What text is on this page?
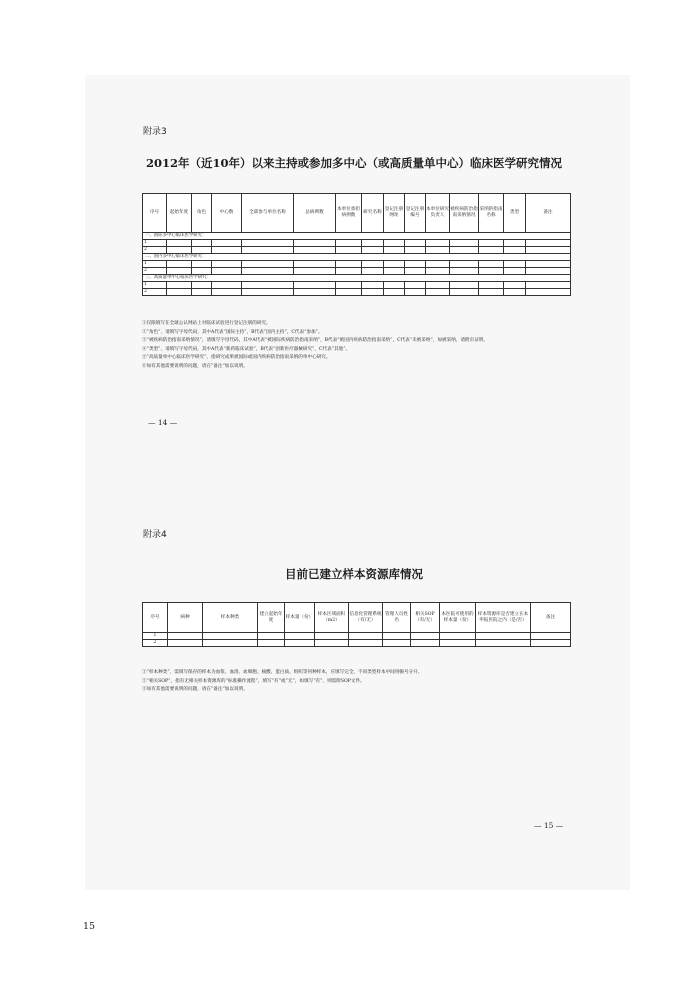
附录3
2012年（近10年）以来主持或参加多中心（或高质量单中心）临床医学研究情况
序号	起始年度	角色	中心数	全部参与单位名称	总病例数	本单位承担病例数	研究名称	登记注册网址	登记注册编号	本单位研究负责人	被疾病防治指南采纳情况	采纳的指南名称	类型	备注
一、国际多中心临床医学研究：														
1														
2														
二、国内多中心临床医学研究：														
1														
2														
三、高质量单中心临床医学研究：														
1														
2														
①仅限填写在全球公认网站上对临床试验进行登记注册的研究。
②“角色”，请填写字母代码，其中A代表“国际主持”，B代表“国内主持”，C代表“参加”。
③“被疾病防治指南采纳情况”，请填写字母代码，其中A代表“被国际疾病防治指南采纳”，B代表“被国内疾病防治指南采纳”，C代表“未被采纳”，如被采纳，请附页证明。
④“类型”，请填写字母代码，其中A代表“新药临床试验”，B代表“创新医疗器械研究”，C代表“其他”。
⑤“高质量单中心临床医学研究”，指研究成果被国际或国内疾病防治指南采纳的单中心研究。
⑥如有其他需要说明的问题，请在“备注”加以说明。
— 14 —
附录4
目前已建立样本资源库情况
序号	病种	样本种类	建立起始年度	样本量（份）	样本区域面积（m2）	信息化管理系统（有/无）	管理人员姓名	相关SOP（有/无）	本医院可使用的样本量（份）	样本资源库是否建立在本申报医院之内（是/否）	备注
1											
2											
①“样本种类”，需填写保存的样本为血浆、血清、血细胞、核酸、蛋白质、组织等何种样本，应填写完全，不同类型样本中间用顿号分开。
②“相关SOP”，指有无相关样本资源库的“标准操作流程”，填写“有”或“无”，如填写“有”，则需附SOP文件。
③如有其他需要说明的问题，请在“备注”加以说明。
— 15 —
15
